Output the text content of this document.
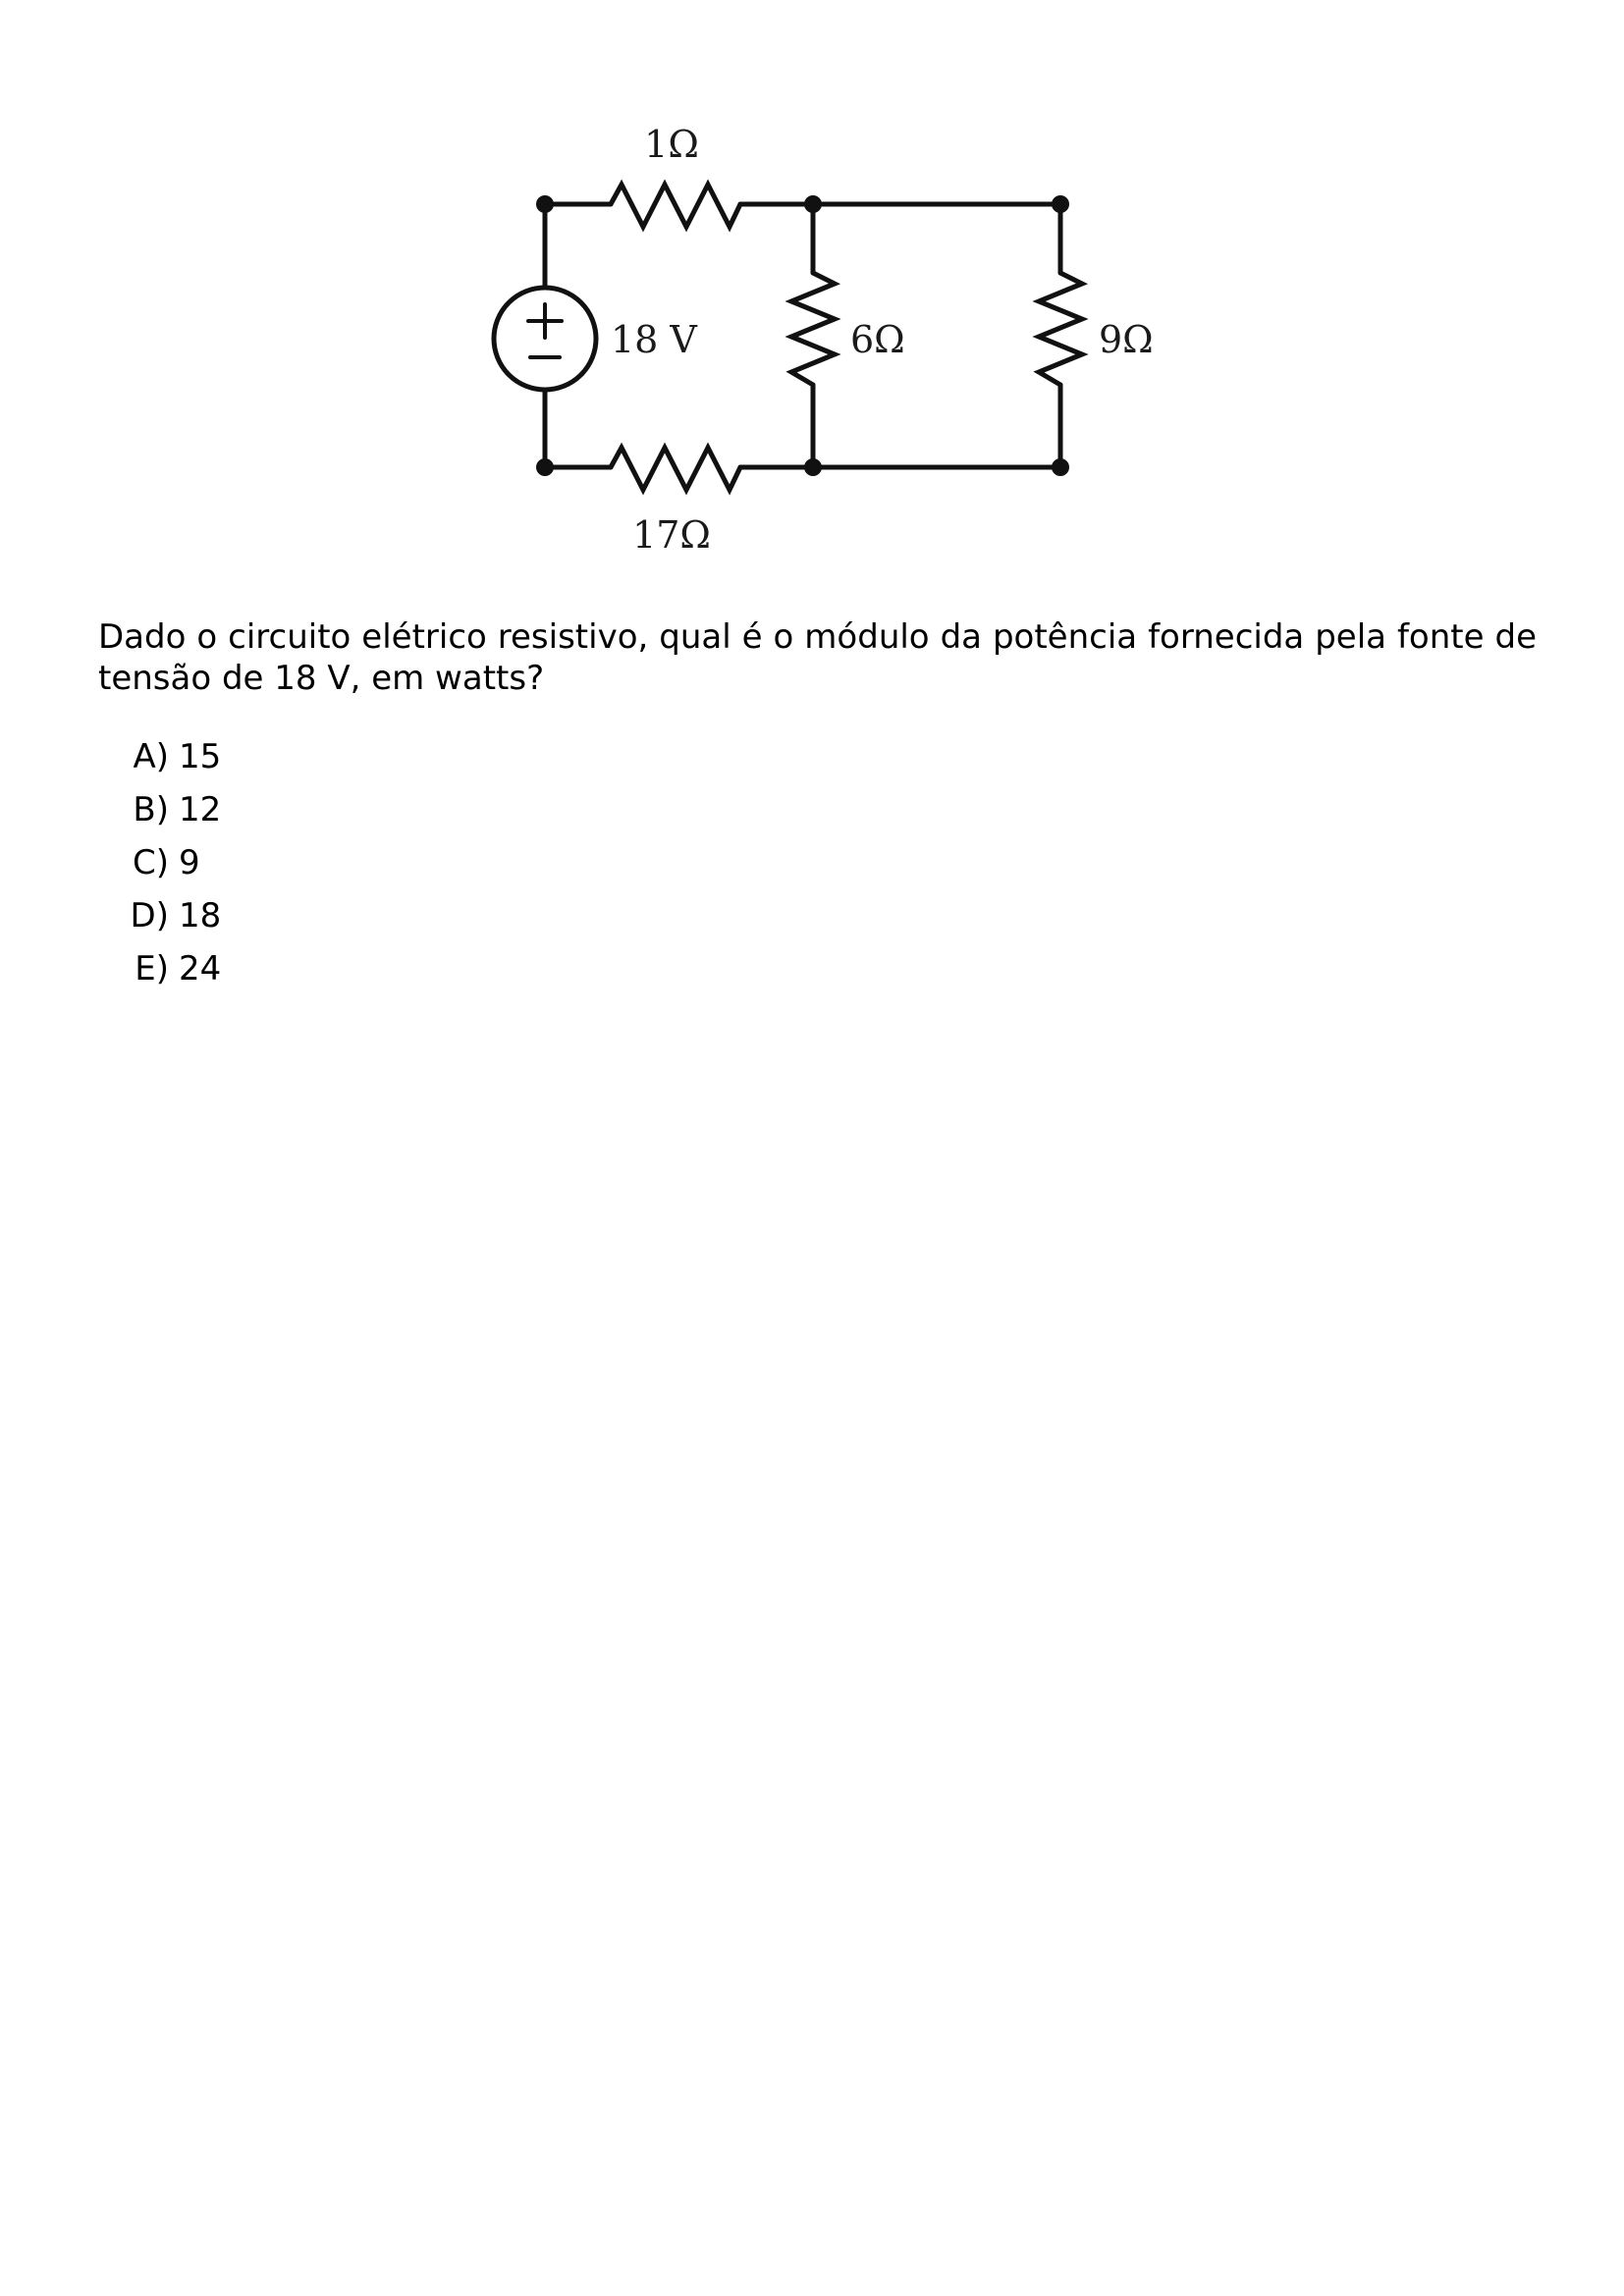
1Ω
18 V	6Ω	9Ω
17Ω

Dado o circuito elétrico resistivo, qual é o módulo da potência fornecida pela fonte de tensão de 18 V, em watts?

A) 15
B) 12
C) 9
D) 18
E) 24
